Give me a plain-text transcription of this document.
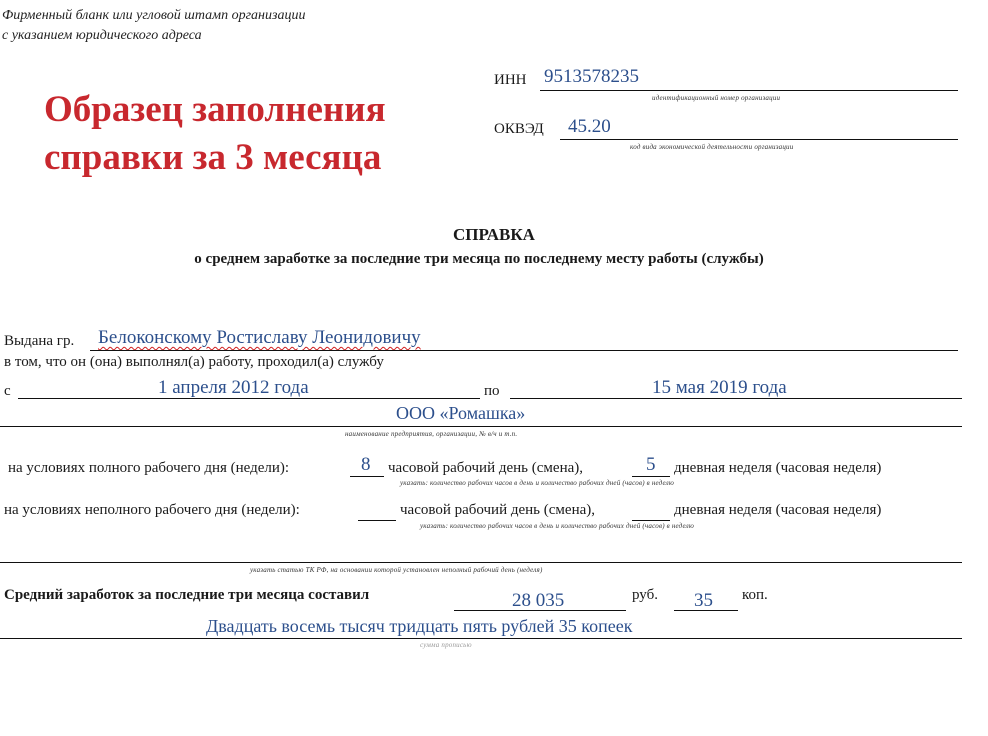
Фирменный бланк или угловой штамп организации
с указанием юридического адреса
Образец заполнения
справки за 3 месяца
ИНН 9513578235
идентификационный номер организации
ОКВЭД 45.20
код вида экономической деятельности организации
СПРАВКА
о среднем заработке за последние три месяца по последнему месту работы (службы)
Выдана гр. Белоконскому Ростиславу Леонидовичу
в том, что он (она) выполнял(а) работу, проходил(а) службу
с	1 апреля 2012 года	по	15 мая 2019 года
ООО «Ромашка»
наименование предприятия, организации, № в/ч и т.п.
на условиях полного рабочего дня (недели):	8 часовой рабочий день (смена),	5 дневная неделя (часовая неделя)
указать: количество рабочих часов в день и количество рабочих дней (часов) в неделю
на условиях неполного рабочего дня (недели):	часовой рабочий день (смена),	дневная неделя (часовая неделя)
указать: количество рабочих часов в день и количество рабочих дней (часов) в неделю
указать статью ТК РФ, на основании которой установлен неполный рабочий день (неделя)
Средний заработок за последние три месяца составил	28 035	руб. 35 коп.
Двадцать восемь тысяч тридцать пять рублей 35 копеек
сумма прописью
